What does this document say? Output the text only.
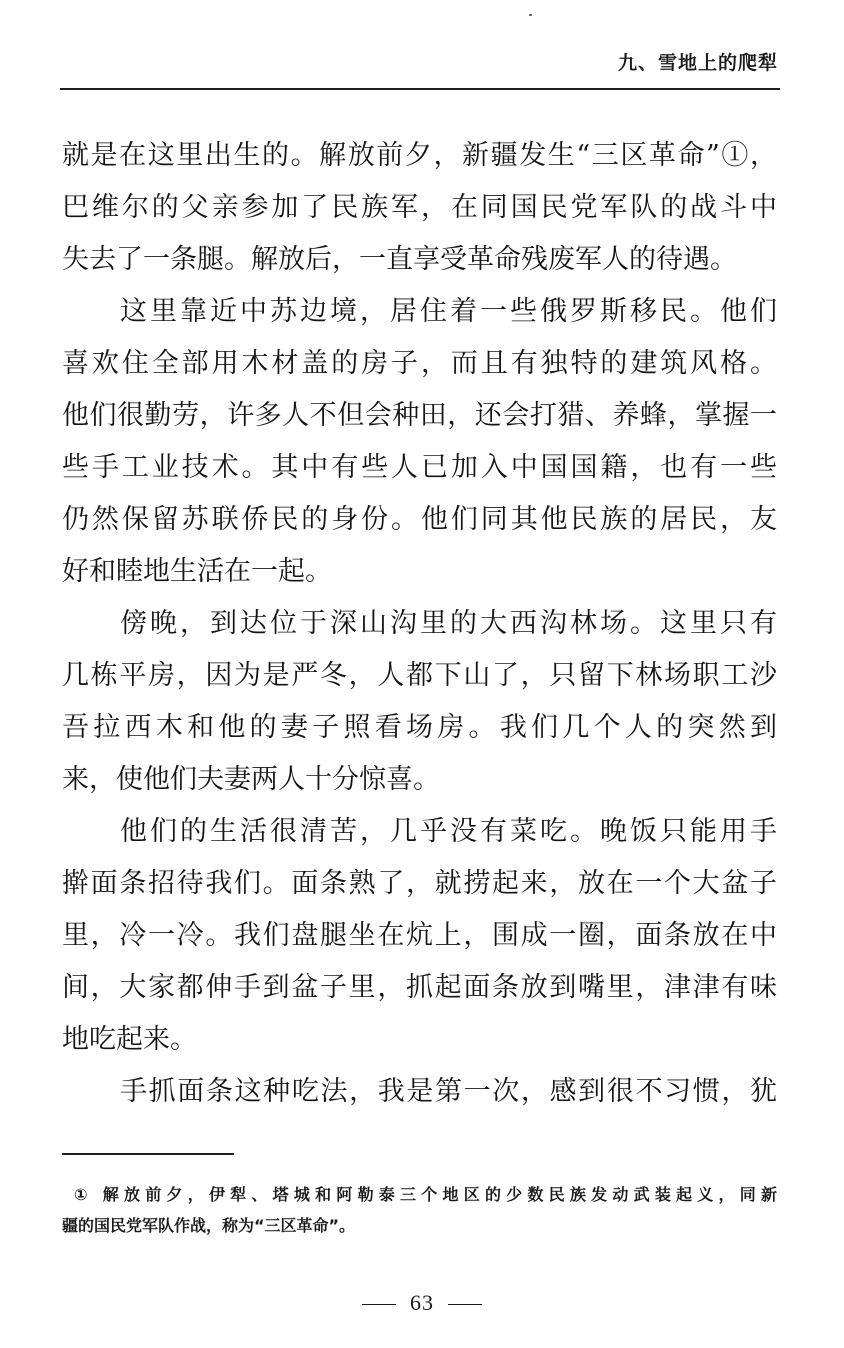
九、雪地上的爬犁
就是在这里出生的。解放前夕，新疆发生“三区革命”①，
巴维尔的父亲参加了民族军，在同国民党军队的战斗中
失去了一条腿。解放后，一直享受革命残废军人的待遇。
这里靠近中苏边境，居住着一些俄罗斯移民。他们
喜欢住全部用木材盖的房子，而且有独特的建筑风格。
他们很勤劳，许多人不但会种田，还会打猎、养蜂，掌握一
些手工业技术。其中有些人已加入中国国籍，也有一些
仍然保留苏联侨民的身份。他们同其他民族的居民，友
好和睦地生活在一起。
傍晚，到达位于深山沟里的大西沟林场。这里只有
几栋平房，因为是严冬，人都下山了，只留下林场职工沙
吾拉西木和他的妻子照看场房。我们几个人的突然到
来，使他们夫妻两人十分惊喜。
他们的生活很清苦，几乎没有菜吃。晚饭只能用手
擀面条招待我们。面条熟了，就捞起来，放在一个大盆子
里，冷一冷。我们盘腿坐在炕上，围成一圈，面条放在中
间，大家都伸手到盆子里，抓起面条放到嘴里，津津有味
地吃起来。
手抓面条这种吃法，我是第一次，感到很不习惯，犹
① 解放前夕，伊犁、塔城和阿勒泰三个地区的少数民族发动武装起义，同新
疆的国民党军队作战，称为“三区革命”。
63
